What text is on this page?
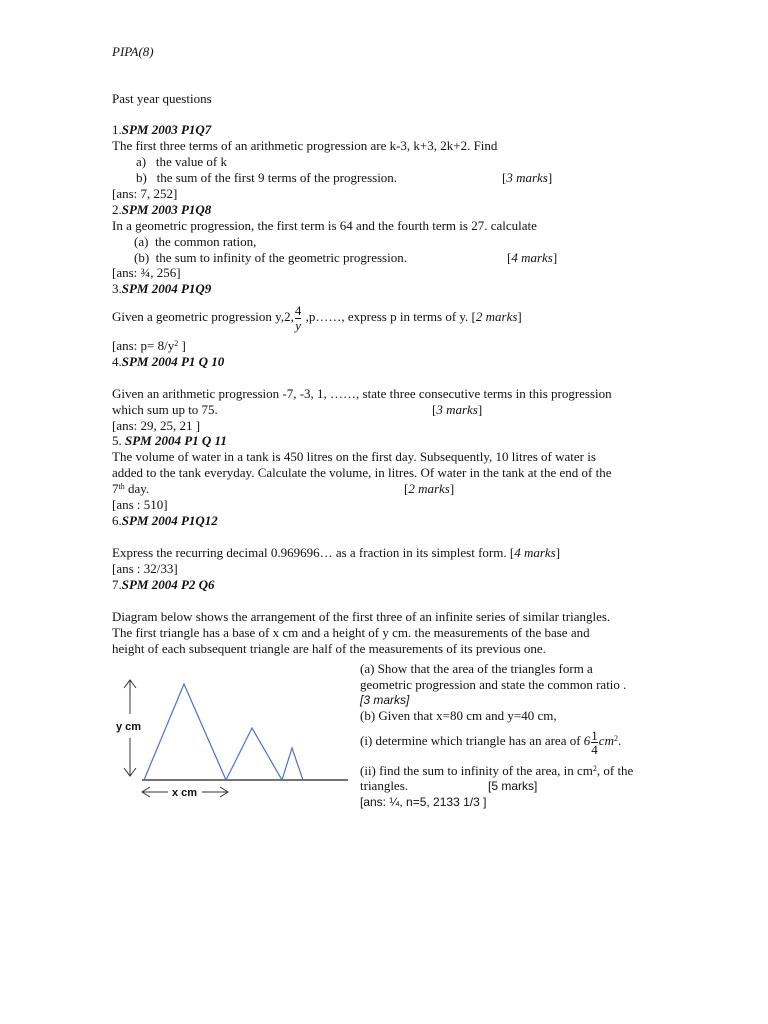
PIPA(8)
Past year questions
1.SPM 2003 P1Q7
The first three terms of an arithmetic progression are k-3, k+3, 2k+2. Find
a) the value of k
b) the sum of the first 9 terms of the progression.	[3 marks]
[ans: 7, 252]
2.SPM 2003 P1Q8
In a geometric progression, the first term is 64 and the fourth term is 27. calculate
(a) the common ration,
(b) the sum to infinity of the geometric progression.	[4 marks]
[ans: ¾, 256]
3.SPM 2004 P1Q9
Given a geometric progression y,2, $\frac{4}{y}$ ,p……, express p in terms of y. [2 marks]
[ans: $p= 8/y^2$ ]
4.SPM 2004 P1 Q 10
Given an arithmetic progression -7, -3, 1, ……, state three consecutive terms in this progression
which sum up to 75.	[3 marks]
[ans: 29, 25, 21 ]
5. SPM 2004 P1 Q 11
The volume of water in a tank is 450 litres on the first day. Subsequently, 10 litres of water is
added to the tank everyday. Calculate the volume, in litres. Of water in the tank at the end of the
7th day.	[2 marks]
[ans : 510]
6.SPM 2004 P1Q12
Express the recurring decimal 0.969696… as a fraction in its simplest form. [4 marks]
[ans : 32/33]
7.SPM 2004 P2 Q6
Diagram below shows the arrangement of the first three of an infinite series of similar triangles.
The first triangle has a base of x cm and a height of y cm. the measurements of the base and
height of each subsequent triangle are half of the measurements of its previous one.
(a) Show that the area of the triangles form a
geometric progression and state the common ratio .
[3 marks]
(b) Given that x=80 cm and y=40 cm,
(i) determine which triangle has an area of $6 \frac{1}{4} cm^2$.
(ii) find the sum to infinity of the area, in $cm^2$, of the
triangles.	[5 marks]
[ans: ¼, n=5, 2133 1/3 ]
y cm
x cm
